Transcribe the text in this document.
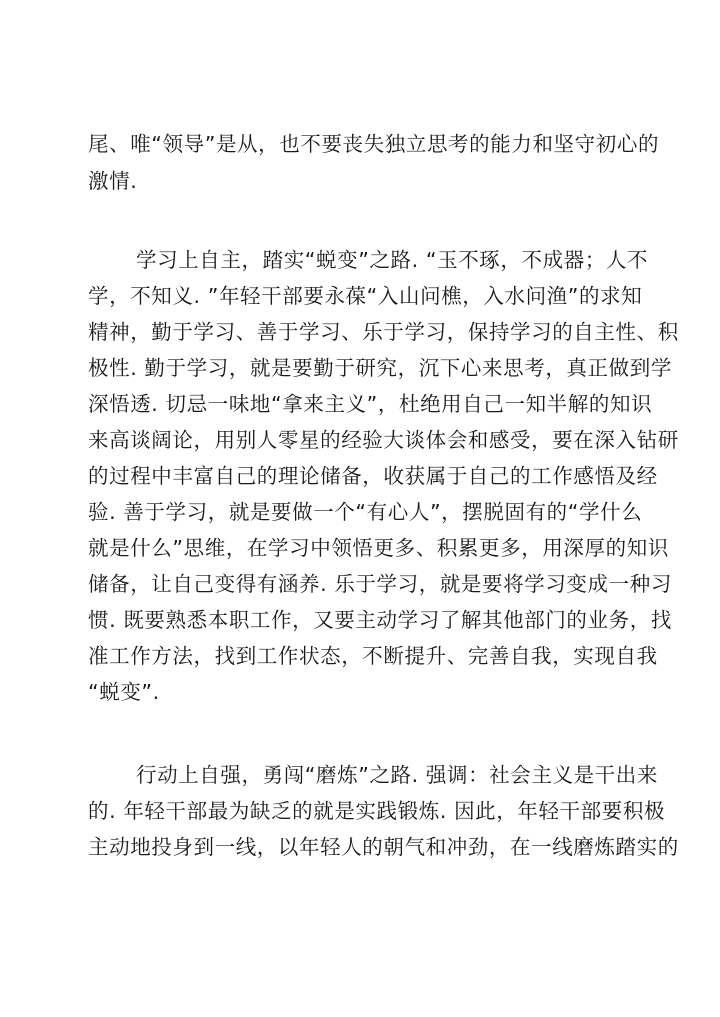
尾、唯“领导”是从，也不要丧失独立思考的能力和坚守初心的
激情.
学习上自主，踏实“蜕变”之路. “玉不琢，不成器；人不
学，不知义. ”年轻干部要永葆“入山问樵，入水问渔”的求知
精神，勤于学习、善于学习、乐于学习，保持学习的自主性、积
极性. 勤于学习，就是要勤于研究，沉下心来思考，真正做到学
深悟透. 切忌一味地“拿来主义”，杜绝用自己一知半解的知识
来高谈阔论，用别人零星的经验大谈体会和感受，要在深入钻研
的过程中丰富自己的理论储备，收获属于自己的工作感悟及经
验. 善于学习，就是要做一个“有心人”，摆脱固有的“学什么
就是什么”思维，在学习中领悟更多、积累更多，用深厚的知识
储备，让自己变得有涵养. 乐于学习，就是要将学习变成一种习
惯. 既要熟悉本职工作，又要主动学习了解其他部门的业务，找
准工作方法，找到工作状态，不断提升、完善自我，实现自我
“蜕变”.
行动上自强，勇闯“磨炼”之路. 强调：社会主义是干出来
的. 年轻干部最为缺乏的就是实践锻炼. 因此，年轻干部要积极
主动地投身到一线，以年轻人的朝气和冲劲，在一线磨炼踏实的
